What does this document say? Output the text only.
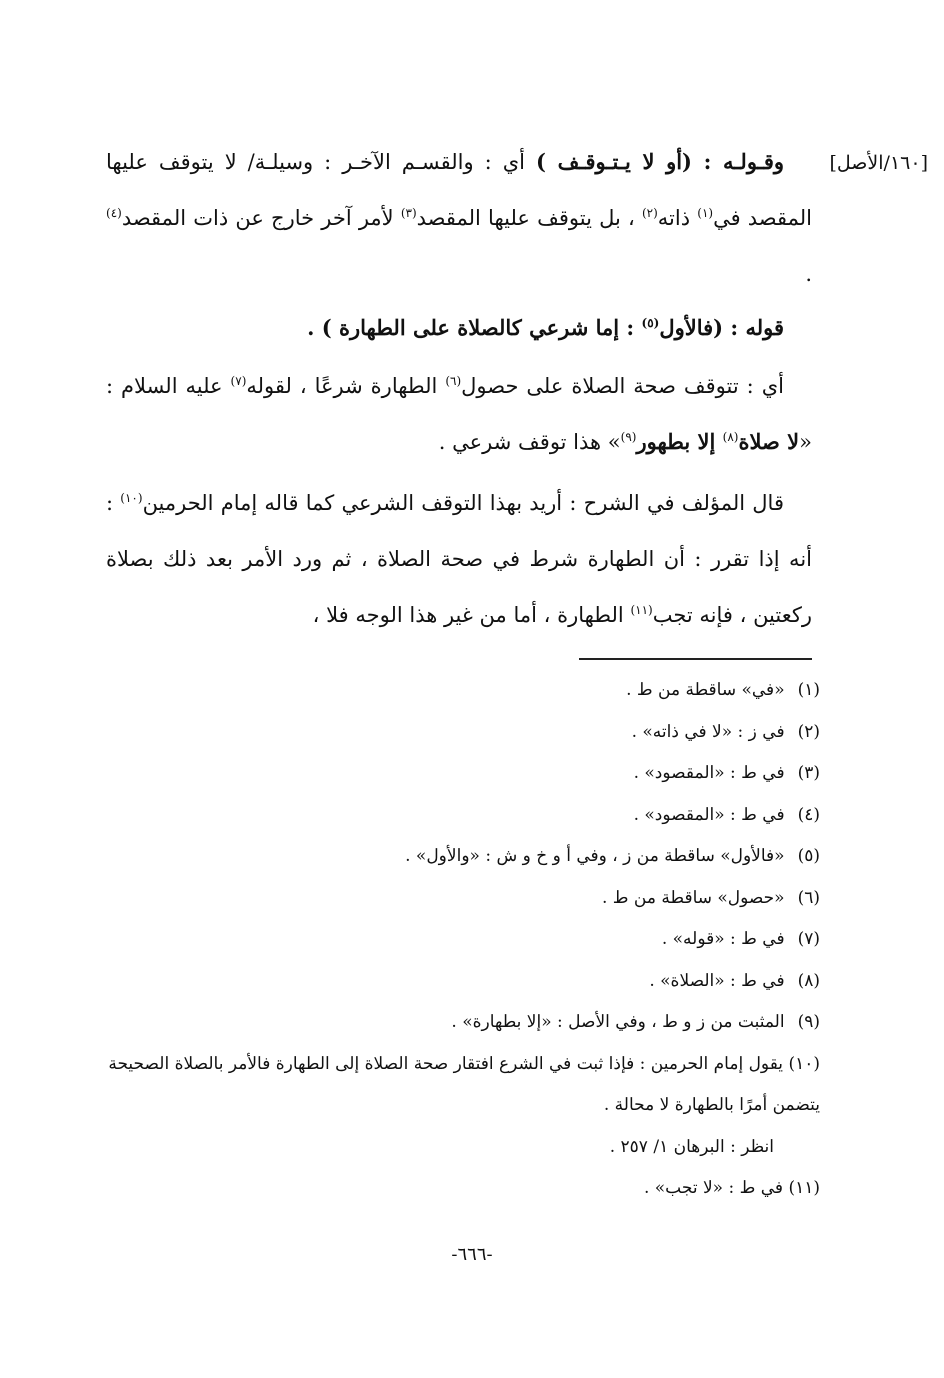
[١٦٠/الأصل]

وقـولـه : (أو لا يـتـوقـف ) أي : والقسـم الآخـر : وسيلـة/ لا يتوقف عليها المقصد في$^{(١)}$ ذاته$^{(٢)}$ ، بل يتوقف عليها المقصد$^{(٣)}$ لأمر آخر خارج عن ذات المقصد$^{(٤)}$ .

قوله : (فالأول$^{(٥)}$ : إما شرعي كالصلاة على الطهارة ) .

أي : تتوقف صحة الصلاة على حصول$^{(٦)}$ الطهارة شرعًا ، لقوله$^{(٧)}$ عليه السلام : «لا صلاة$^{(٨)}$ إلا بطهور$^{(٩)}$» هذا توقف شرعي .

قال المؤلف في الشرح : أريد بهذا التوقف الشرعي كما قاله إمام الحرمين$^{(١٠)}$ : أنه إذا تقرر : أن الطهارة شرط في صحة الصلاة ، ثم ورد الأمر بعد ذلك بصلاة ركعتين ، فإنه تجب$^{(١١)}$ الطهارة ، أما من غير هذا الوجه فلا ،

(١) «في» ساقطة من ط .
(٢) في ز : «لا في ذاته» .
(٣) في ط : «المقصود» .
(٤) في ط : «المقصود» .
(٥) «فالأول» ساقطة من ز ، وفي أ و خ و ش : «والأول» .
(٦) «حصول» ساقطة من ط .
(٧) في ط : «قوله» .
(٨) في ط : «الصلاة» .
(٩) المثبت من ز و ط ، وفي الأصل : «إلا بطهارة» .
(١٠) يقول إمام الحرمين : فإذا ثبت في الشرع افتقار صحة الصلاة إلى الطهارة فالأمر بالصلاة الصحيحة يتضمن أمرًا بالطهارة لا محالة .
انظر : البرهان ١/ ٢٥٧ .
(١١) في ط : «لا تجب» .
-٦٦٦-
